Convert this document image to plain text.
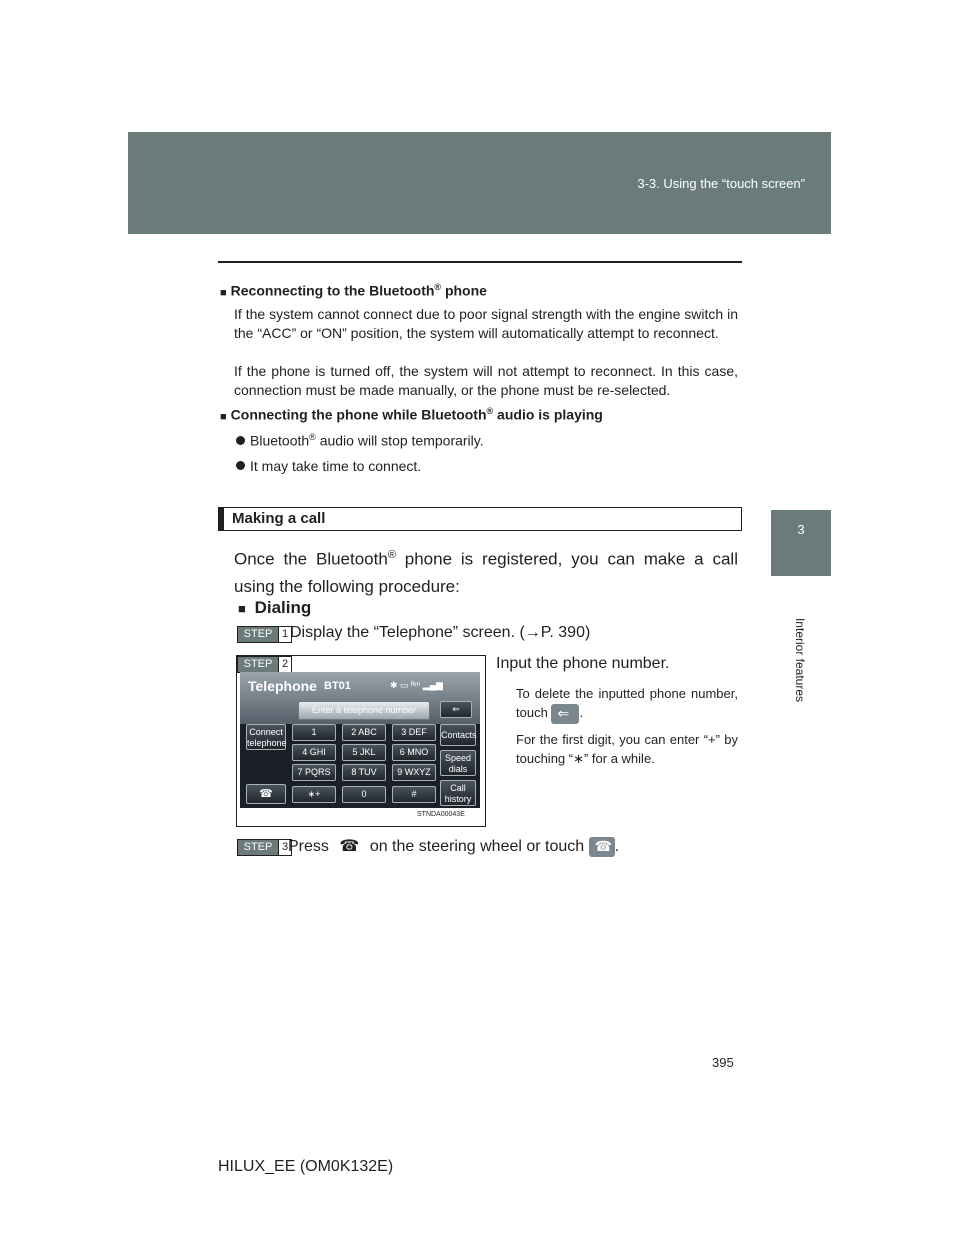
3-3. Using the “touch screen”
395
3
Interior features
■ Reconnecting to the Bluetooth® phone
If the system cannot connect due to poor signal strength with the engine switch in the “ACC” or “ON” position, the system will automatically attempt to reconnect.
If the phone is turned off, the system will not attempt to reconnect. In this case, connection must be made manually, or the phone must be re-selected.
■ Connecting the phone while Bluetooth® audio is playing
Bluetooth® audio will stop temporarily.
It may take time to connect.
Making a call
Once the Bluetooth® phone is registered, you can make a call using the following procedure:
■ Dialing
STEP 1 Display the “Telephone” screen. (→P. 390)
STEP 2
Telephone BT01	✱ ▭ ᴿᵐ ▂▄▆
Enter a telephone number	⇐
Connect telephone
☎
1	2 ABC	3 DEF
4 GHI	5 JKL	6 MNO
7 PQRS	8 TUV	9 WXYZ
∗+	0	#
Contacts
Speed dials
Call history
STNDA00043E
Input the phone number.
To delete the inputted phone number, touch ⇐ .
For the first digit, you can enter “+” by touching “∗” for a while.
STEP 3 Press ☎ on the steering wheel or touch ☎ .
HILUX_EE (OM0K132E)
